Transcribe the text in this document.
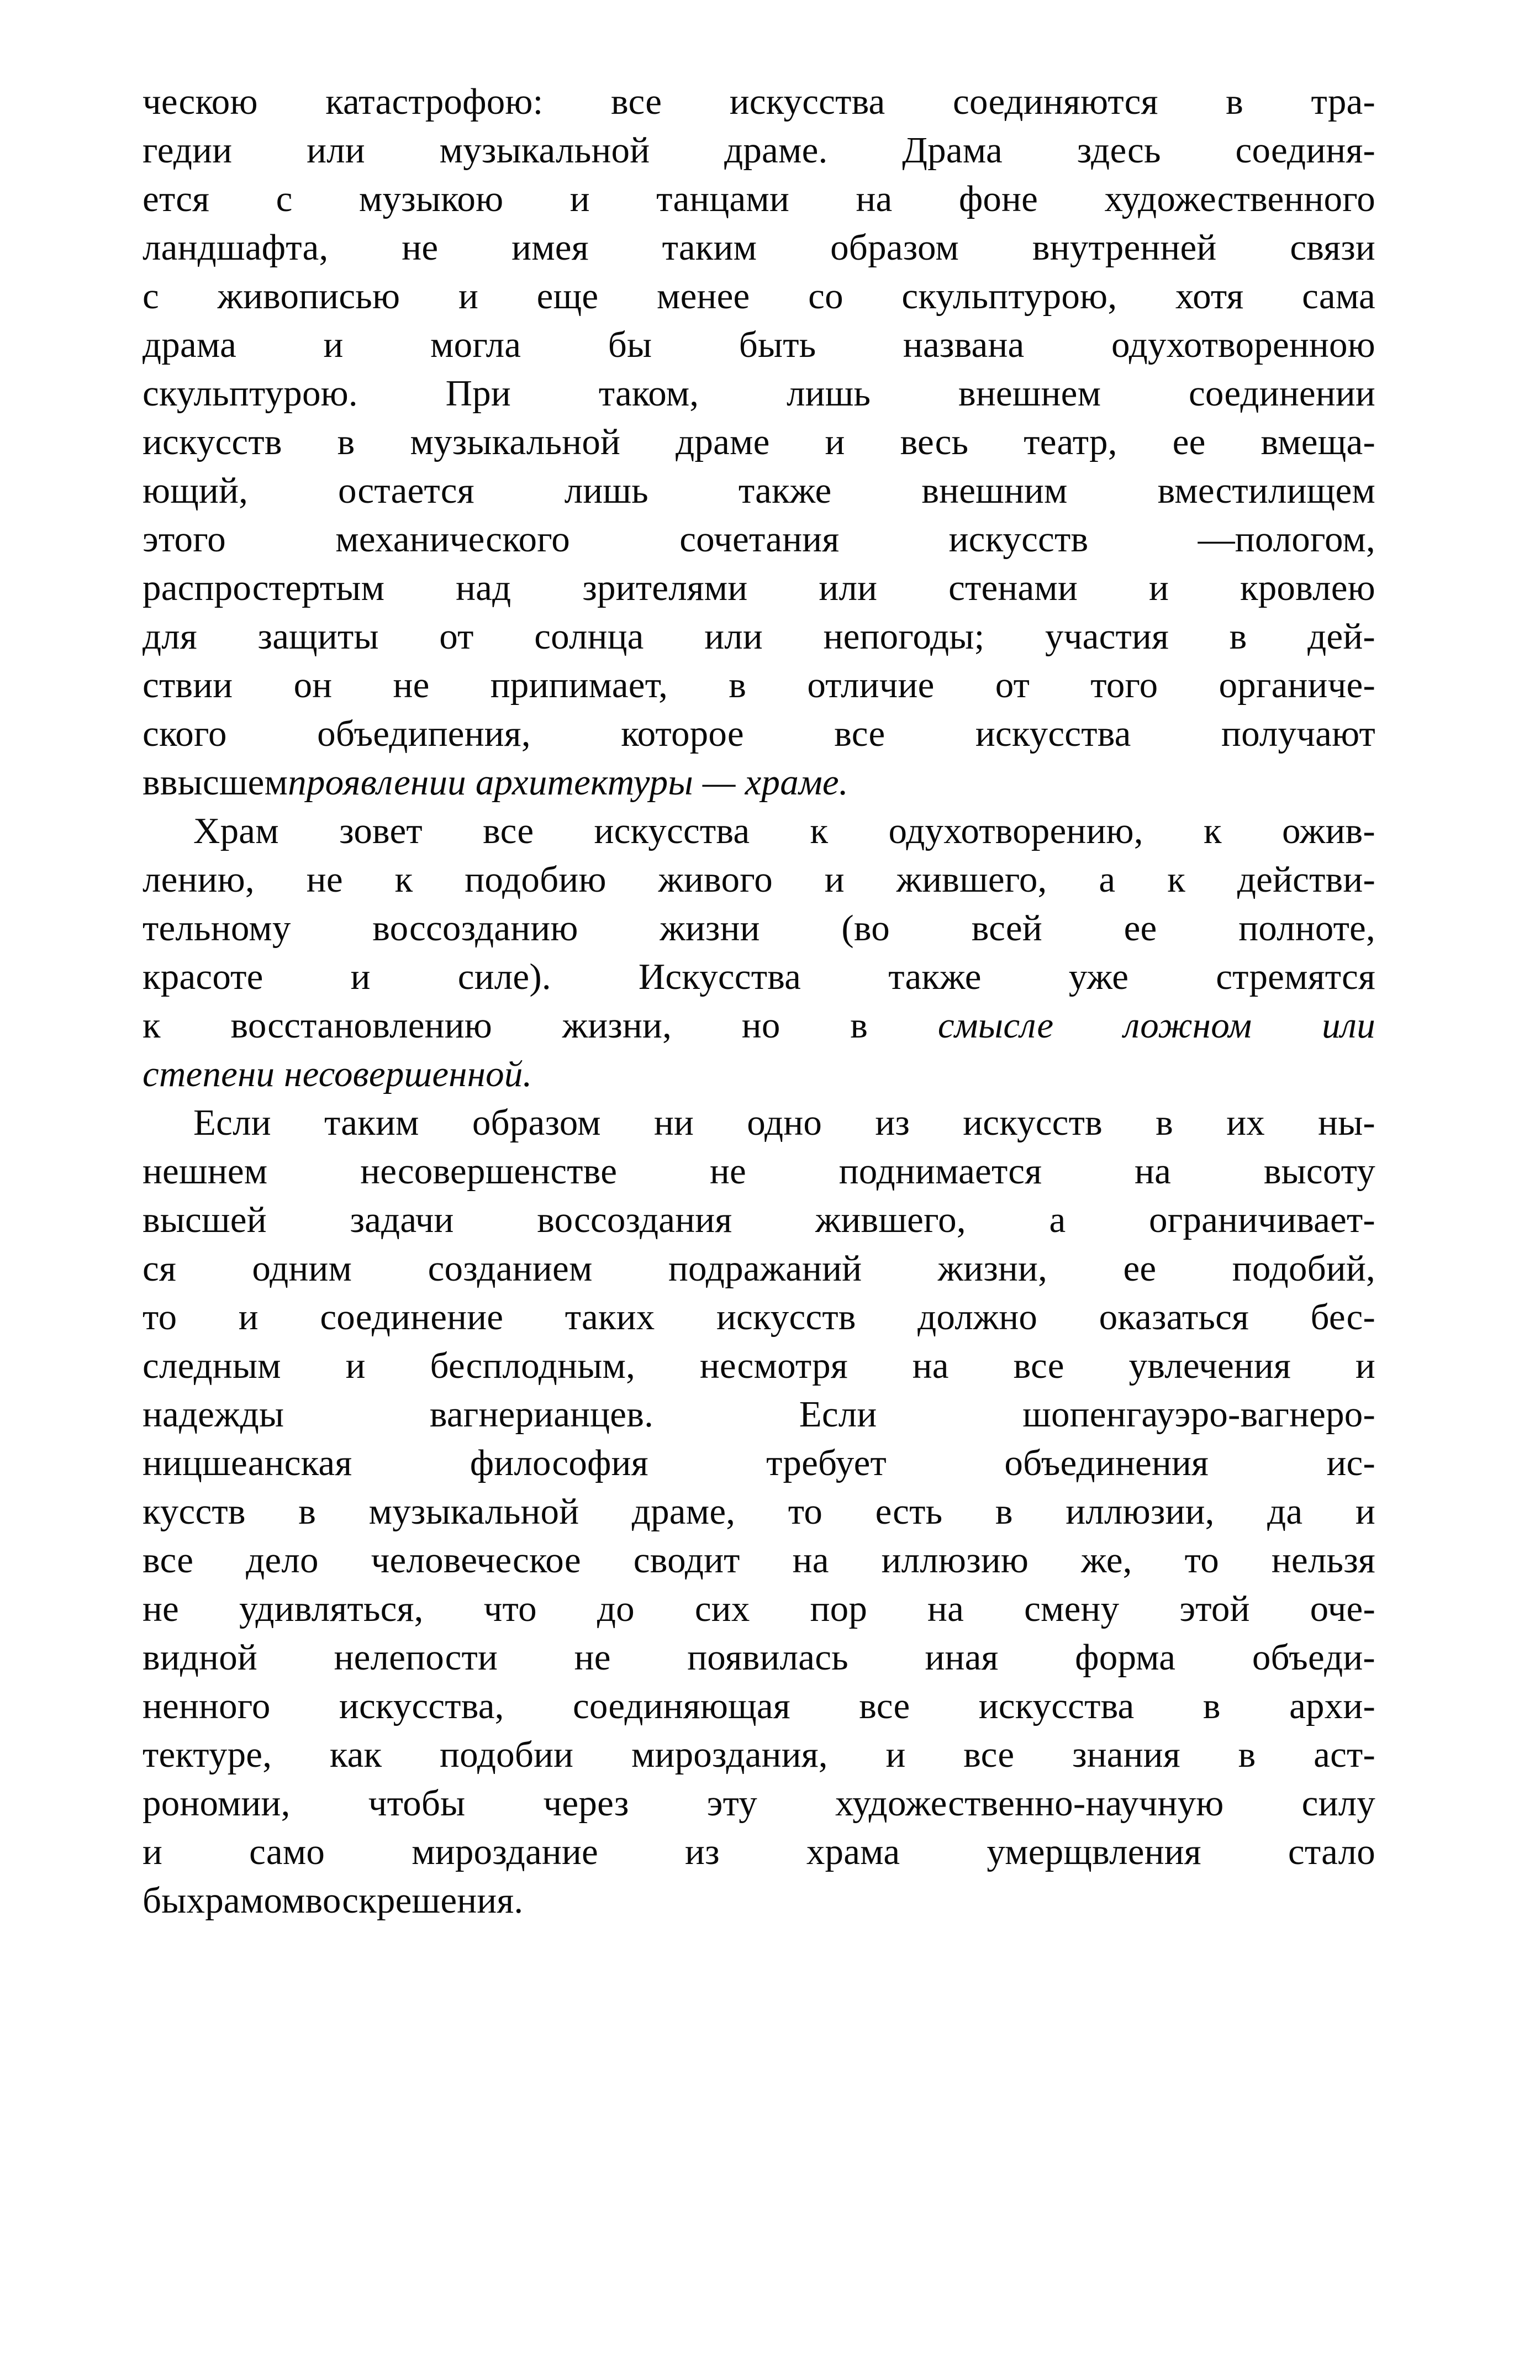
ческою катастрофою: все искусства соединяются в тра-
гедии или музыкальной драме. Драма здесь соединя-
ется с музыкою и танцами на фоне художественного
ландшафта, не имея таким образом внутренней связи
с живописью и еще менее со скульптурою, хотя сама
драма и могла бы быть названа одухотворенною
скульптурою. При таком, лишь внешнем соединении
искусств в музыкальной драме и весь театр, ее вмеща-
ющий, остается лишь также внешним вместилищем
этого	механического	сочетания	искусств	—пологом,
распростертым над зрителями или стенами и кровлею
для защиты от солнца или непогоды; участия в дей-
ствии он не припимает, в отличие от того органиче-
ского объедипения, которое все искусства получают
в высшем проявлении архитектуры — храме.
Храм зовет все искусства к одухотворению, к ожив-
лению, не к подобию живого и жившего, а к действи-
тельному воссозданию жизни (во всей ее полноте,
красоте и силе). Искусства также уже стремятся
к восстановлению жизни, но в смысле ложном или
степени несовершенной.
Если таким образом ни одно из искусств в их ны-
нешнем	несовершенстве	не	поднимается	на	высоту
высшей задачи воссоздания жившего, а ограничивает-
ся одним созданием подражаний жизни, ее подобий,
то и соединение таких искусств должно оказаться бес-
следным и бесплодным, несмотря на все увлечения и
надежды	вагнерианцев.	Если	шопенгауэро-вагнеро-
ницшеанская	философия	требует	объединения	ис-
кусств в музыкальной драме, то есть в иллюзии, да и
все дело человеческое сводит на иллюзию же, то нельзя
не удивляться, что до сих пор на смену этой оче-
видной нелепости не появилась иная форма объеди-
ненного искусства, соединяющая все искусства в архи-
тектуре, как подобии мироздания, и все знания в аст-
рономии, чтобы через эту художественно-научную силу
и само мироздание из храма умерщвления стало
бы храмом воскрешения.
